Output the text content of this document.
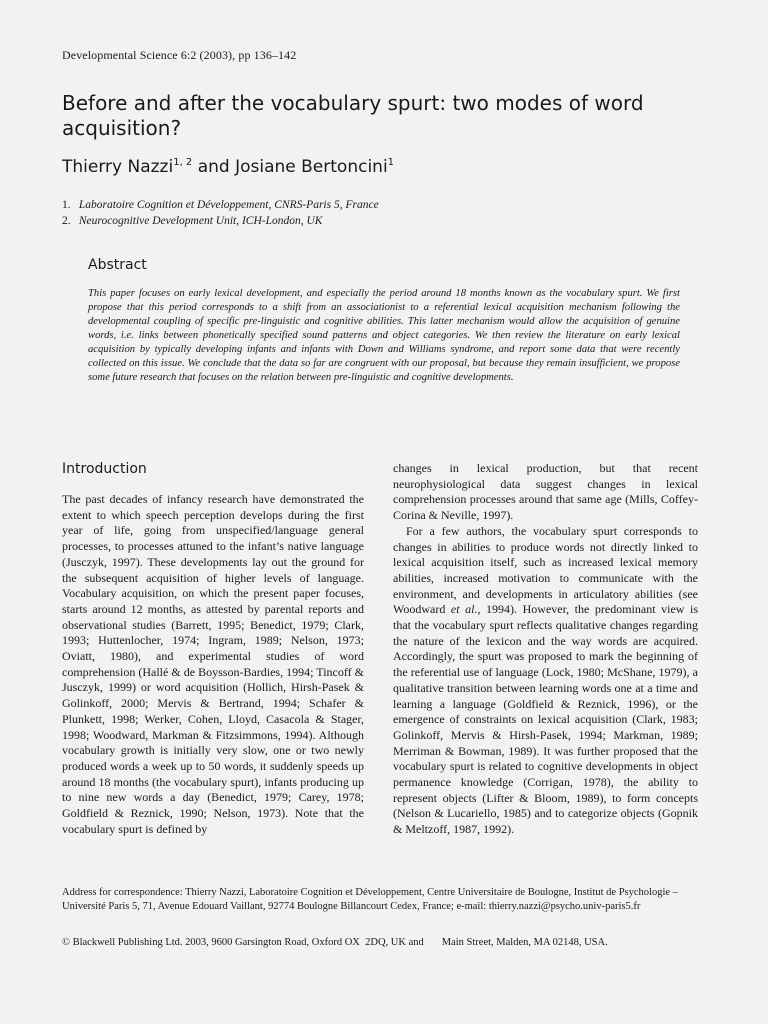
Developmental Science 6:2 (2003), pp 136–142
Before and after the vocabulary spurt: two modes of word acquisition?
Thierry Nazzi$^{1, 2}$ and Josiane Bertoncini$^1$
1. Laboratoire Cognition et Développement, CNRS-Paris 5, France
2. Neurocognitive Development Unit, ICH-London, UK
Abstract

This paper focuses on early lexical development, and especially the period around 18 months known as the vocabulary spurt. We first propose that this period corresponds to a shift from an associationist to a referential lexical acquisition mechanism following the developmental coupling of specific pre-linguistic and cognitive abilities. This latter mechanism would allow the acquisition of genuine words, i.e. links between phonetically specified sound patterns and object categories. We then review the literature on early lexical acquisition by typically developing infants and infants with Down and Williams syndrome, and report some data that were recently collected on this issue. We conclude that the data so far are congruent with our proposal, but because they remain insufficient, we propose some future research that focuses on the relation between pre-linguistic and cognitive developments.

Introduction

The past decades of infancy research have demonstrated the extent to which speech perception develops during the first year of life, going from unspecified/language general processes, to processes attuned to the infant’s native language (Jusczyk, 1997). These developments lay out the ground for the subsequent acquisition of higher levels of language. Vocabulary acquisition, on which the present paper focuses, starts around 12 months, as attested by parental reports and observational studies (Barrett, 1995; Benedict, 1979; Clark, 1993; Huttenlocher, 1974; Ingram, 1989; Nelson, 1973; Oviatt, 1980), and experimental studies of word comprehension (Hallé & de Boysson-Bardies, 1994; Tincoff & Jusczyk, 1999) or word acquisition (Hollich, Hirsh-Pasek & Golinkoff, 2000; Mervis & Bertrand, 1994; Schafer & Plunkett, 1998; Werker, Cohen, Lloyd, Casacola & Stager, 1998; Woodward, Markman & Fitzsimmons, 1994). Although vocabulary growth is initially very slow, one or two newly produced words a week up to 50 words, it suddenly speeds up around 18 months (the vocabulary spurt), infants producing up to nine new words a day (Benedict, 1979; Carey, 1978; Goldfield & Reznick, 1990; Nelson, 1973). Note that the vocabulary spurt is defined by

changes in lexical production, but that recent neurophysiological data suggest changes in lexical comprehension processes around that same age (Mills, Coffey-Corina & Neville, 1997).
For a few authors, the vocabulary spurt corresponds to changes in abilities to produce words not directly linked to lexical acquisition itself, such as increased lexical memory abilities, increased motivation to communicate with the environment, and developments in articulatory abilities (see Woodward et al., 1994). However, the predominant view is that the vocabulary spurt reflects qualitative changes regarding the nature of the lexicon and the way words are acquired. Accordingly, the spurt was proposed to mark the beginning of the referential use of language (Lock, 1980; McShane, 1979), a qualitative transition between learning words one at a time and learning a language (Goldfield & Reznick, 1996), or the emergence of constraints on lexical acquisition (Clark, 1983; Golinkoff, Mervis & Hirsh-Pasek, 1994; Markman, 1989; Merriman & Bowman, 1989). It was further proposed that the vocabulary spurt is related to cognitive developments in object permanence knowledge (Corrigan, 1978), the ability to represent objects (Lifter & Bloom, 1989), to form concepts (Nelson & Lucariello, 1985) and to categorize objects (Gopnik & Meltzoff, 1987, 1992).

Address for correspondence: Thierry Nazzi, Laboratoire Cognition et Développement, Centre Universitaire de Boulogne, Institut de Psychologie – Université Paris 5, 71, Avenue Edouard Vaillant, 92774 Boulogne Billancourt Cedex, France; e-mail: thierry.nazzi@psycho.univ-paris5.fr

© Blackwell Publishing Ltd. 2003, 9600 Garsington Road, Oxford OX  2DQ, UK and Main Street, Malden, MA 02148, USA.
